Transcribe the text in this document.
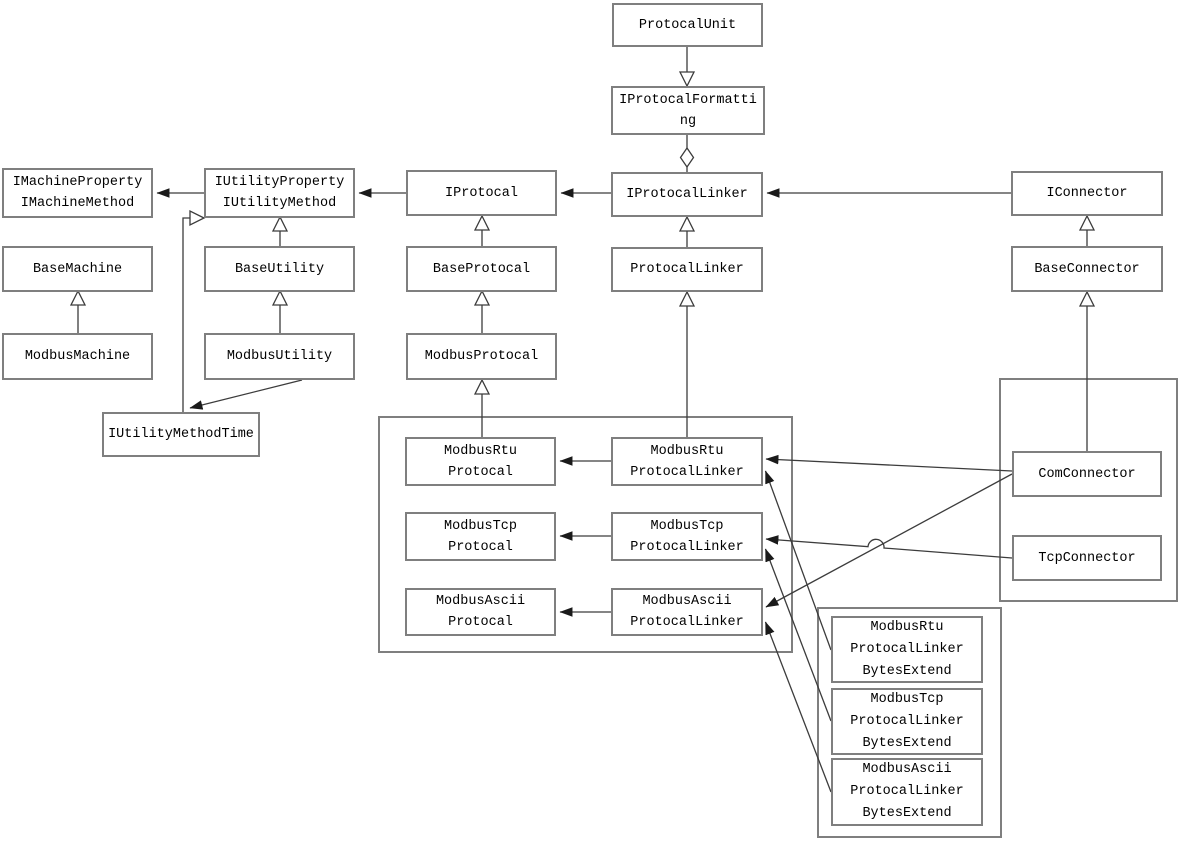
ProtocalUnit
IProtocalFormatti
ng
IProtocalLinker
ProtocalLinker
IProtocal
BaseProtocal
ModbusProtocal
IUtilityProperty
IUtilityMethod
BaseUtility
ModbusUtility
IMachineProperty
IMachineMethod
BaseMachine
ModbusMachine
IUtilityMethodTime
IConnector
BaseConnector
ComConnector
TcpConnector
ModbusRtu
Protocal
ModbusTcp
Protocal
ModbusAscii
Protocal
ModbusRtu
ProtocalLinker
ModbusTcp
ProtocalLinker
ModbusAscii
ProtocalLinker	ModbusRtu
ProtocalLinker
BytesExtend
ModbusTcp
ProtocalLinker
BytesExtend
ModbusAscii
ProtocalLinker
BytesExtend
